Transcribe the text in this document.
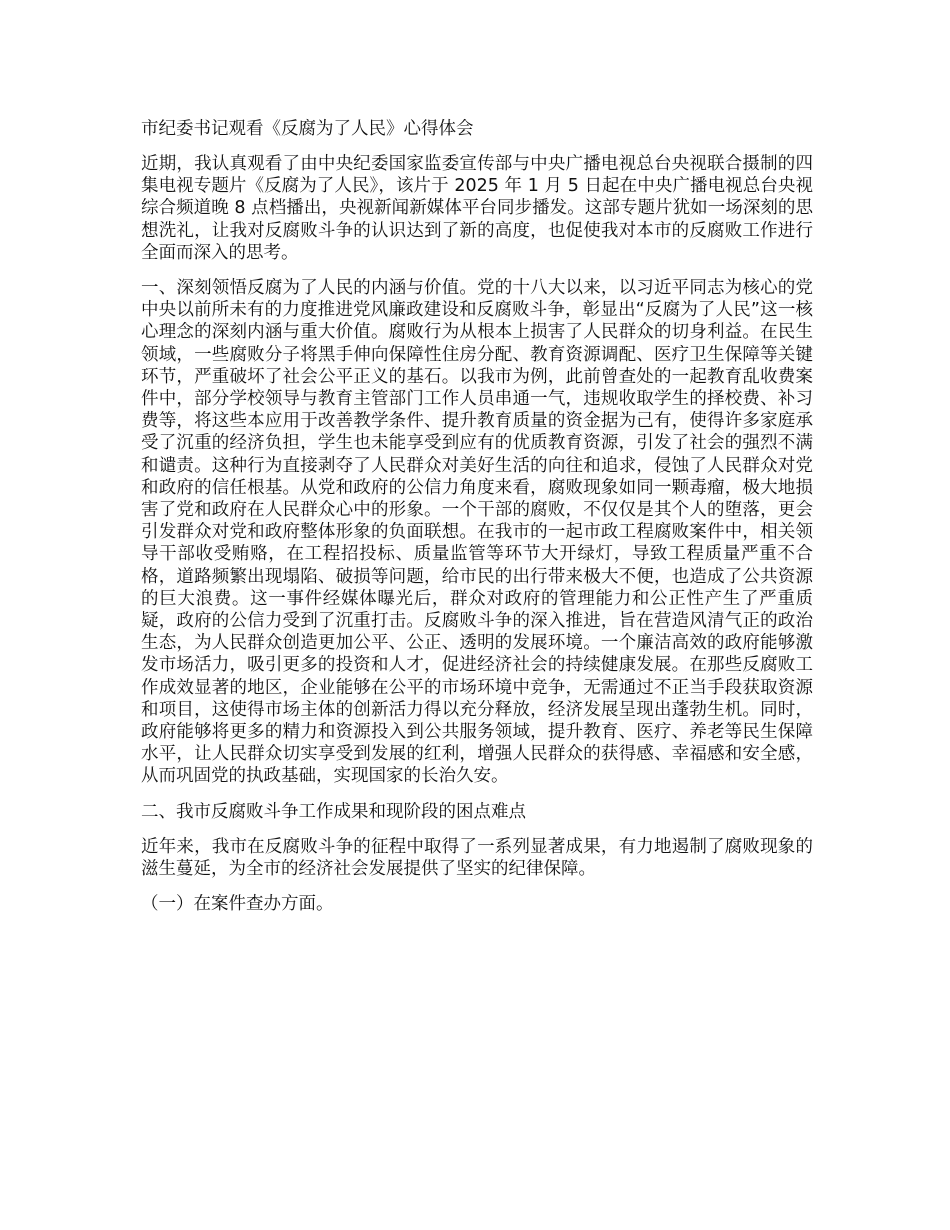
市纪委书记观看《反腐为了人民》心得体会
近期，我认真观看了由中央纪委国家监委宣传部与中央广播电视总台央视联合摄制的四集电视专题片《反腐为了人民》，该片于 2025 年 1 月 5 日起在中央广播电视总台央视综合频道晚 8 点档播出，央视新闻新媒体平台同步播发。这部专题片犹如一场深刻的思想洗礼，让我对反腐败斗争的认识达到了新的高度，也促使我对本市的反腐败工作进行全面而深入的思考。
一、深刻领悟反腐为了人民的内涵与价值。党的十八大以来，以习近平同志为核心的党中央以前所未有的力度推进党风廉政建设和反腐败斗争，彰显出“反腐为了人民”这一核心理念的深刻内涵与重大价值。腐败行为从根本上损害了人民群众的切身利益。在民生领域，一些腐败分子将黑手伸向保障性住房分配、教育资源调配、医疗卫生保障等关键环节，严重破坏了社会公平正义的基石。以我市为例，此前曾查处的一起教育乱收费案件中，部分学校领导与教育主管部门工作人员串通一气，违规收取学生的择校费、补习费等，将这些本应用于改善教学条件、提升教育质量的资金据为己有，使得许多家庭承受了沉重的经济负担，学生也未能享受到应有的优质教育资源，引发了社会的强烈不满和谴责。这种行为直接剥夺了人民群众对美好生活的向往和追求，侵蚀了人民群众对党和政府的信任根基。从党和政府的公信力角度来看，腐败现象如同一颗毒瘤，极大地损害了党和政府在人民群众心中的形象。一个干部的腐败，不仅仅是其个人的堕落，更会引发群众对党和政府整体形象的负面联想。在我市的一起市政工程腐败案件中，相关领导干部收受贿赂，在工程招投标、质量监管等环节大开绿灯，导致工程质量严重不合格，道路频繁出现塌陷、破损等问题，给市民的出行带来极大不便，也造成了公共资源的巨大浪费。这一事件经媒体曝光后，群众对政府的管理能力和公正性产生了严重质疑，政府的公信力受到了沉重打击。反腐败斗争的深入推进，旨在营造风清气正的政治生态，为人民群众创造更加公平、公正、透明的发展环境。一个廉洁高效的政府能够激发市场活力，吸引更多的投资和人才，促进经济社会的持续健康发展。在那些反腐败工作成效显著的地区，企业能够在公平的市场环境中竞争，无需通过不正当手段获取资源和项目，这使得市场主体的创新活力得以充分释放，经济发展呈现出蓬勃生机。同时，政府能够将更多的精力和资源投入到公共服务领域，提升教育、医疗、养老等民生保障水平，让人民群众切实享受到发展的红利，增强人民群众的获得感、幸福感和安全感，从而巩固党的执政基础，实现国家的长治久安。
二、我市反腐败斗争工作成果和现阶段的困点难点
近年来，我市在反腐败斗争的征程中取得了一系列显著成果，有力地遏制了腐败现象的滋生蔓延，为全市的经济社会发展提供了坚实的纪律保障。
（一）在案件查办方面。
